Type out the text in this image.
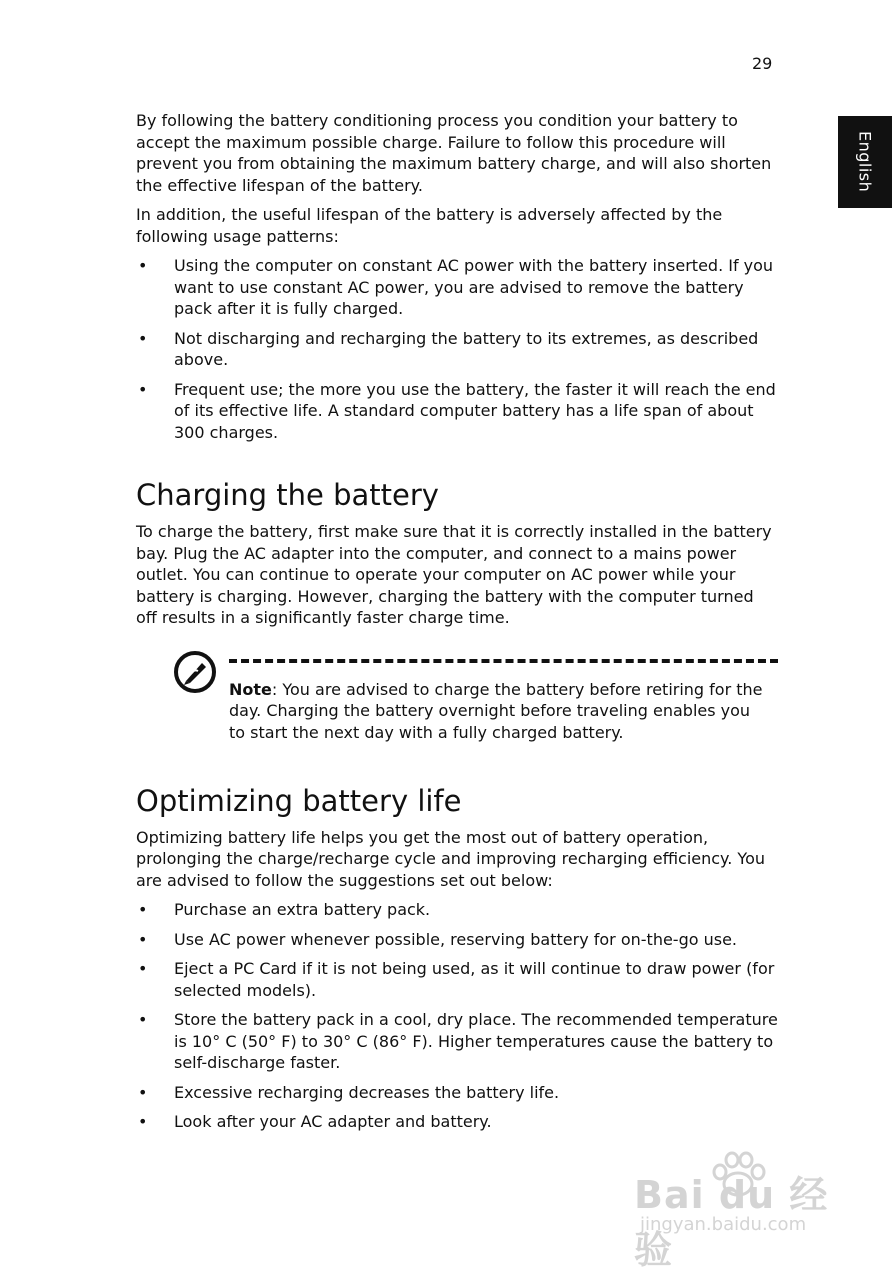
29
English

By following the battery conditioning process you condition your battery to accept the maximum possible charge. Failure to follow this procedure will prevent you from obtaining the maximum battery charge, and will also shorten the effective lifespan of the battery.

In addition, the useful lifespan of the battery is adversely affected by the following usage patterns:

• Using the computer on constant AC power with the battery inserted. If you want to use constant AC power, you are advised to remove the battery pack after it is fully charged.
• Not discharging and recharging the battery to its extremes, as described above.
• Frequent use; the more you use the battery, the faster it will reach the end of its effective life. A standard computer battery has a life span of about 300 charges.
Charging the battery

To charge the battery, first make sure that it is correctly installed in the battery bay. Plug the AC adapter into the computer, and connect to a mains power outlet. You can continue to operate your computer on AC power while your battery is charging. However, charging the battery with the computer turned off results in a significantly faster charge time.

Note: You are advised to charge the battery before retiring for the day. Charging the battery overnight before traveling enables you to start the next day with a fully charged battery.
Optimizing battery life

Optimizing battery life helps you get the most out of battery operation, prolonging the charge/recharge cycle and improving recharging efficiency. You are advised to follow the suggestions set out below:

• Purchase an extra battery pack.
• Use AC power whenever possible, reserving battery for on-the-go use.
• Eject a PC Card if it is not being used, as it will continue to draw power (for selected models).
• Store the battery pack in a cool, dry place. The recommended temperature is 10° C (50° F) to 30° C (86° F). Higher temperatures cause the battery to self-discharge faster.
• Excessive recharging decreases the battery life.
• Look after your AC adapter and battery.
Bai du 经验
jingyan.baidu.com
